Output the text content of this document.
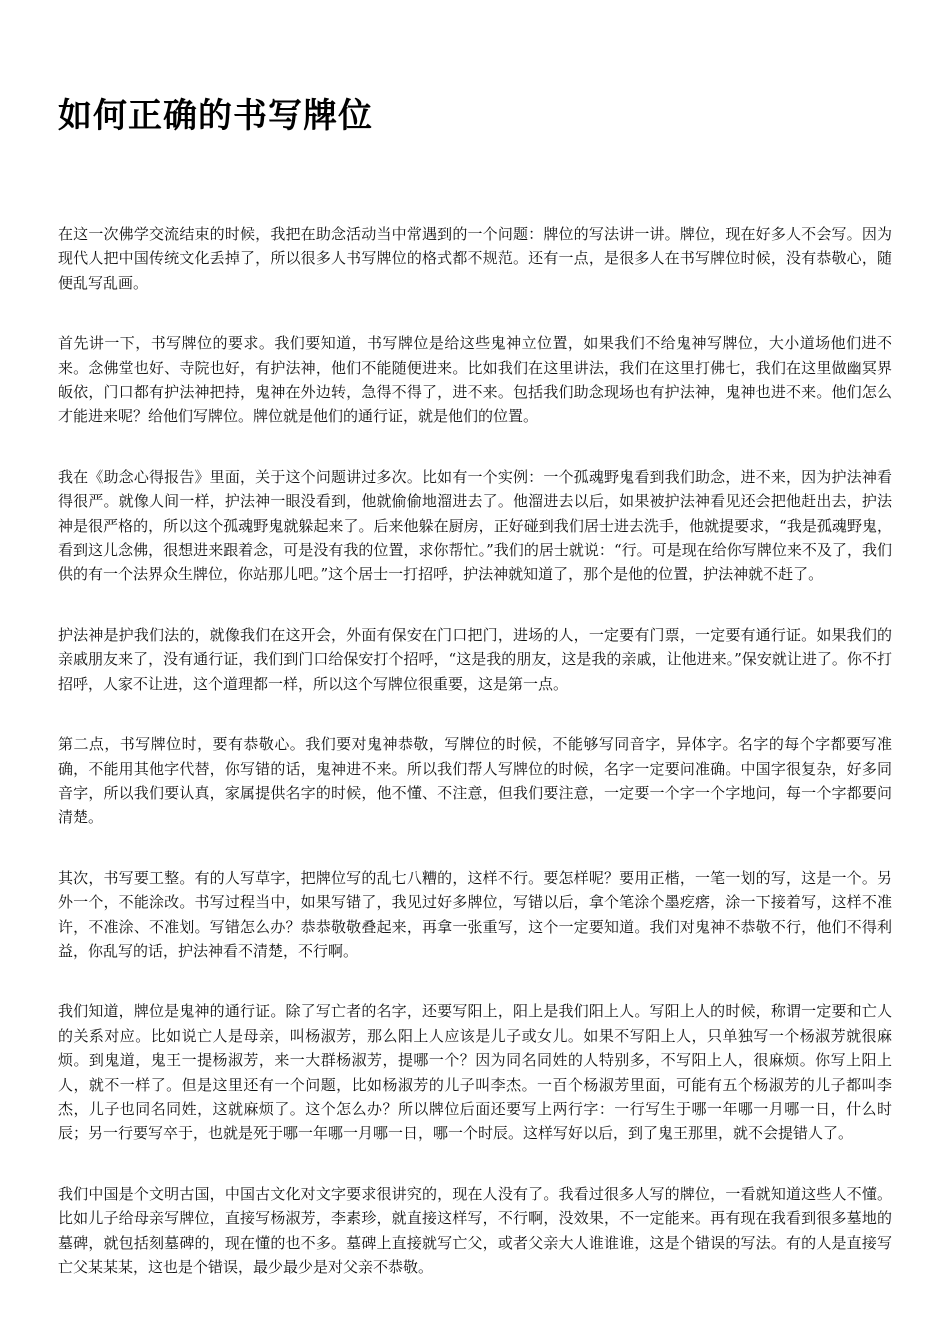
如何正确的书写牌位

在这一次佛学交流结束的时候，我把在助念活动当中常遇到的一个问题：牌位的写法讲一讲。牌位，现在好多人不会写。因为现代人把中国传统文化丢掉了，所以很多人书写牌位的格式都不规范。还有一点，是很多人在书写牌位时候，没有恭敬心，随便乱写乱画。

首先讲一下，书写牌位的要求。我们要知道，书写牌位是给这些鬼神立位置，如果我们不给鬼神写牌位，大小道场他们进不来。念佛堂也好、寺院也好，有护法神，他们不能随便进来。比如我们在这里讲法，我们在这里打佛七，我们在这里做幽冥界皈依，门口都有护法神把持，鬼神在外边转，急得不得了，进不来。包括我们助念现场也有护法神，鬼神也进不来。他们怎么才能进来呢？给他们写牌位。牌位就是他们的通行证，就是他们的位置。

我在《助念心得报告》里面，关于这个问题讲过多次。比如有一个实例：一个孤魂野鬼看到我们助念，进不来，因为护法神看得很严。就像人间一样，护法神一眼没看到，他就偷偷地溜进去了。他溜进去以后，如果被护法神看见还会把他赶出去，护法神是很严格的，所以这个孤魂野鬼就躲起来了。后来他躲在厨房，正好碰到我们居士进去洗手，他就提要求，“我是孤魂野鬼，看到这儿念佛，很想进来跟着念，可是没有我的位置，求你帮忙。”我们的居士就说：“行。可是现在给你写牌位来不及了，我们供的有一个法界众生牌位，你站那儿吧。”这个居士一打招呼，护法神就知道了，那个是他的位置，护法神就不赶了。

护法神是护我们法的，就像我们在这开会，外面有保安在门口把门，进场的人，一定要有门票，一定要有通行证。如果我们的亲戚朋友来了，没有通行证，我们到门口给保安打个招呼，“这是我的朋友，这是我的亲戚，让他进来。”保安就让进了。你不打招呼，人家不让进，这个道理都一样，所以这个写牌位很重要，这是第一点。

第二点，书写牌位时，要有恭敬心。我们要对鬼神恭敬，写牌位的时候，不能够写同音字，异体字。名字的每个字都要写准确，不能用其他字代替，你写错的话，鬼神进不来。所以我们帮人写牌位的时候，名字一定要问准确。中国字很复杂，好多同音字，所以我们要认真，家属提供名字的时候，他不懂、不注意，但我们要注意，一定要一个字一个字地问，每一个字都要问清楚。

其次，书写要工整。有的人写草字，把牌位写的乱七八糟的，这样不行。要怎样呢？要用正楷，一笔一划的写，这是一个。另外一个，不能涂改。书写过程当中，如果写错了，我见过好多牌位，写错以后，拿个笔涂个墨疙瘩，涂一下接着写，这样不准许，不准涂、不准划。写错怎么办？恭恭敬敬叠起来，再拿一张重写，这个一定要知道。我们对鬼神不恭敬不行，他们不得利益，你乱写的话，护法神看不清楚，不行啊。

我们知道，牌位是鬼神的通行证。除了写亡者的名字，还要写阳上，阳上是我们阳上人。写阳上人的时候，称谓一定要和亡人的关系对应。比如说亡人是母亲，叫杨淑芳，那么阳上人应该是儿子或女儿。如果不写阳上人，只单独写一个杨淑芳就很麻烦。到鬼道，鬼王一提杨淑芳，来一大群杨淑芳，提哪一个？因为同名同姓的人特别多，不写阳上人，很麻烦。你写上阳上人，就不一样了。但是这里还有一个问题，比如杨淑芳的儿子叫李杰。一百个杨淑芳里面，可能有五个杨淑芳的儿子都叫李杰，儿子也同名同姓，这就麻烦了。这个怎么办？所以牌位后面还要写上两行字：一行写生于哪一年哪一月哪一日，什么时辰；另一行要写卒于，也就是死于哪一年哪一月哪一日，哪一个时辰。这样写好以后，到了鬼王那里，就不会提错人了。

我们中国是个文明古国，中国古文化对文字要求很讲究的，现在人没有了。我看过很多人写的牌位，一看就知道这些人不懂。比如儿子给母亲写牌位，直接写杨淑芳，李素珍，就直接这样写，不行啊，没效果，不一定能来。再有现在我看到很多墓地的墓碑，就包括刻墓碑的，现在懂的也不多。墓碑上直接就写亡父，或者父亲大人谁谁谁，这是个错误的写法。有的人是直接写亡父某某某，这也是个错误，最少最少是对父亲不恭敬。
